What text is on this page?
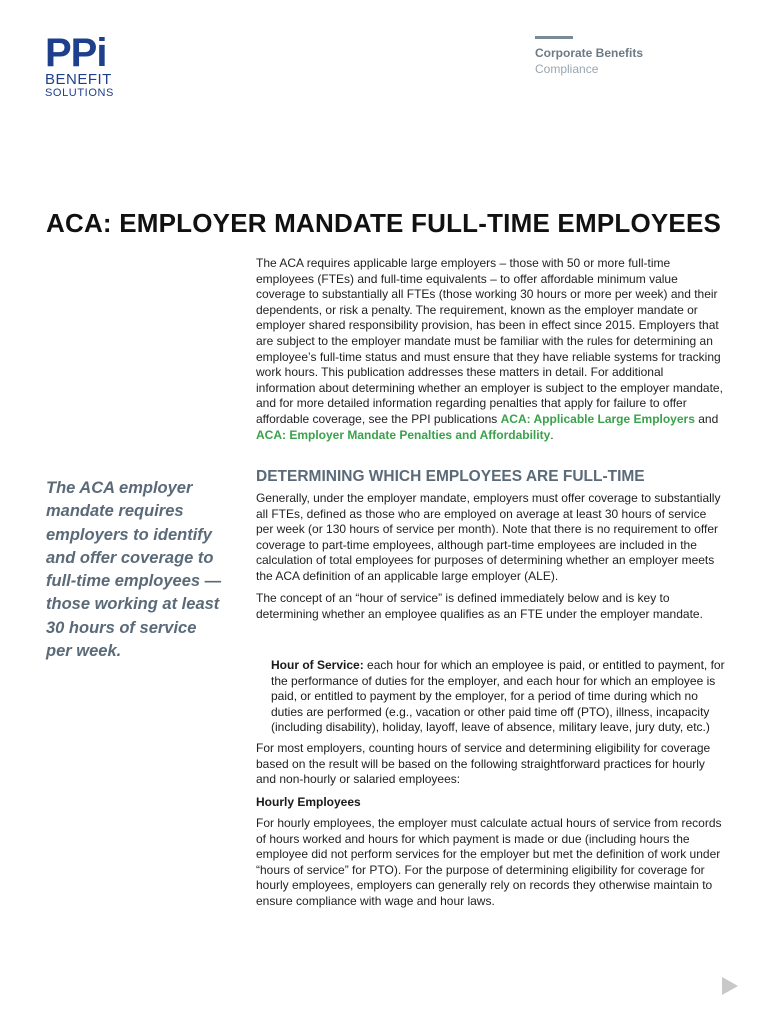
PPi
BENEFIT
SOLUTIONS
Corporate Benefits
Compliance
ACA: EMPLOYER MANDATE FULL-TIME EMPLOYEES

The ACA requires applicable large employers – those with 50 or more full-time employees (FTEs) and full-time equivalents – to offer affordable minimum value coverage to substantially all FTEs (those working 30 hours or more per week) and their dependents, or risk a penalty. The requirement, known as the employer mandate or employer shared responsibility provision, has been in effect since 2015. Employers that are subject to the employer mandate must be familiar with the rules for determining an employee’s full-time status and must ensure that they have reliable systems for tracking work hours. This publication addresses these matters in detail. For additional information about determining whether an employer is subject to the employer mandate, and for more detailed information regarding penalties that apply for failure to offer affordable coverage, see the PPI publications ACA: Applicable Large Employers and ACA: Employer Mandate Penalties and Affordability.

DETERMINING WHICH EMPLOYEES ARE FULL-TIME

Generally, under the employer mandate, employers must offer coverage to substantially all FTEs, defined as those who are employed on average at least 30 hours of service per week (or 130 hours of service per month). Note that there is no requirement to offer coverage to part-time employees, although part-time employees are included in the calculation of total employees for purposes of determining whether an employer meets the ACA definition of an applicable large employer (ALE).

The concept of an “hour of service” is defined immediately below and is key to determining whether an employee qualifies as an FTE under the employer mandate.

Hour of Service: each hour for which an employee is paid, or entitled to payment, for the performance of duties for the employer, and each hour for which an employee is paid, or entitled to payment by the employer, for a period of time during which no duties are performed (e.g., vacation or other paid time off (PTO), illness, incapacity (including disability), holiday, layoff, leave of absence, military leave, jury duty, etc.)

For most employers, counting hours of service and determining eligibility for coverage based on the result will be based on the following straightforward practices for hourly and non-hourly or salaried employees:

Hourly Employees

For hourly employees, the employer must calculate actual hours of service from records of hours worked and hours for which payment is made or due (including hours the employee did not perform services for the employer but met the definition of work under “hours of service” for PTO). For the purpose of determining eligibility for coverage for hourly employees, employers can generally rely on records they otherwise maintain to ensure compliance with wage and hour laws.

The ACA employer mandate requires employers to identify and offer coverage to full-time employees — those working at least 30 hours of service per week.
